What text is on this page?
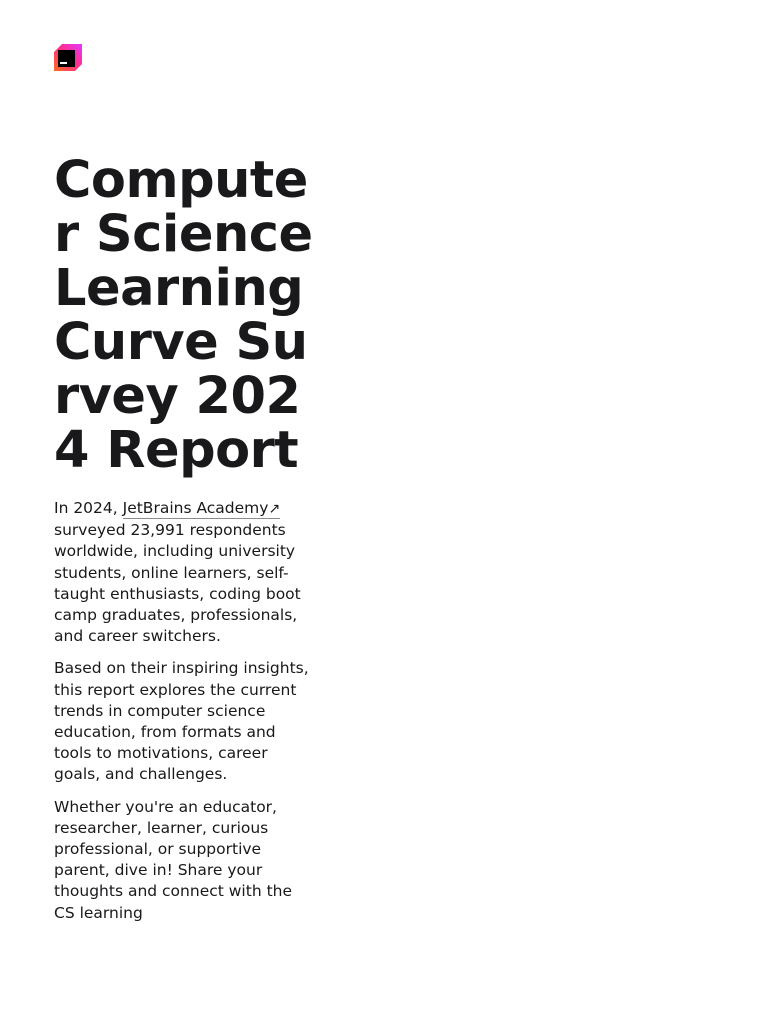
Computer Science Learning Curve Survey 2024 Report

In 2024, JetBrains Academy↗ surveyed 23,991 respondents worldwide, including university students, online learners, self-taught enthusiasts, coding boot camp graduates, professionals, and career switchers.

Based on their inspiring insights, this report explores the current trends in computer science education, from formats and tools to motivations, career goals, and challenges.

Whether you're an educator, researcher, learner, curious professional, or supportive parent, dive in! Share your thoughts and connect with the CS learning
